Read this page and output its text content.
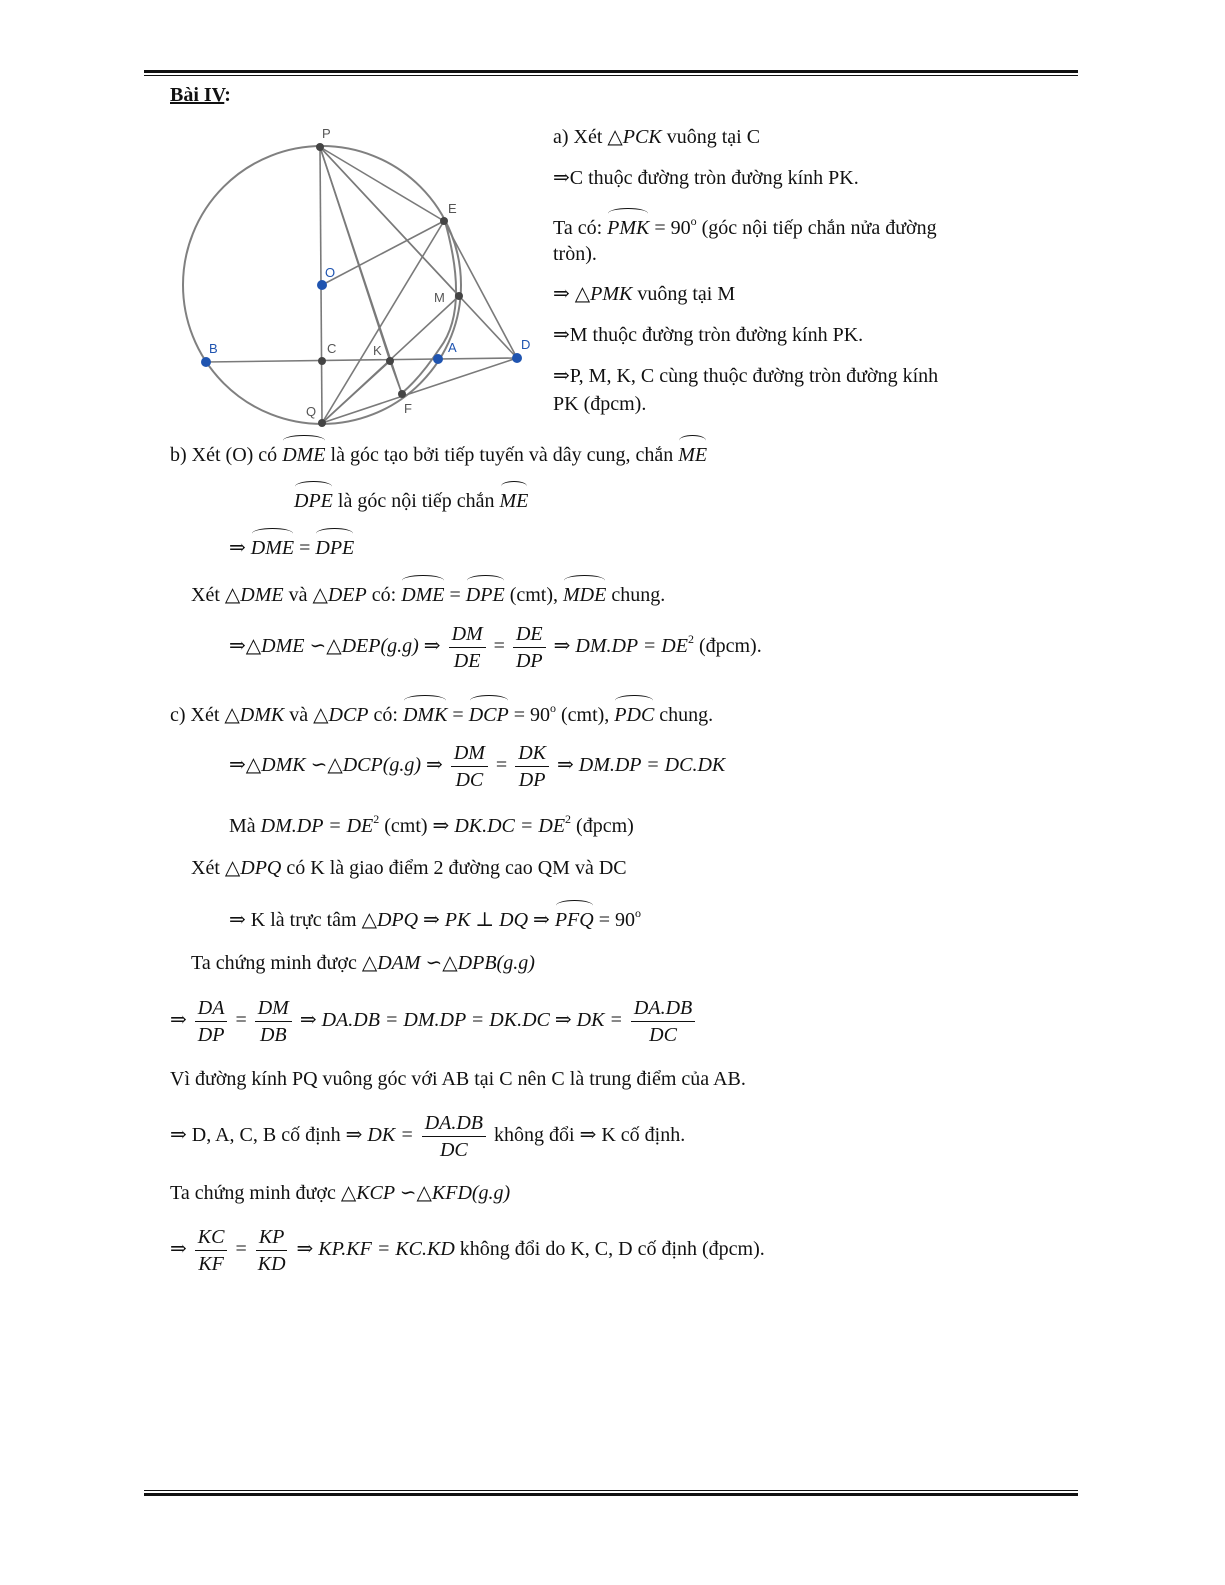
Bài IV:
P
E
M
C	K
Q	F
O
B	A	D
a) Xét △PCK vuông tại C
⇒C thuộc đường tròn đường kính PK.
Ta có: PMK = $90^o$ (góc nội tiếp chắn nửa đường
tròn).
⇒ △PMK vuông tại M
⇒M thuộc đường tròn đường kính PK.
⇒P, M, K, C cùng thuộc đường tròn đường kính
PK (đpcm).
b) Xét (O) có DME là góc tạo bởi tiếp tuyến và dây cung, chắn ME
DPE là góc nội tiếp chắn ME
⇒ DME = DPE
Xét △DME và △DEP có: DME = DPE (cmt), MDE chung.
⇒△DME ∽△DEP(g.g) ⇒ $\frac{DM}{DE} = \frac{DE}{DP}$ ⇒ $DM.DP = DE^2$ (đpcm).
c) Xét △DMK và △DCP có: DMK = DCP = $90^o$ (cmt), PDC chung.
⇒△DMK ∽△DCP(g.g) ⇒ $\frac{DM}{DC} = \frac{DK}{DP}$ ⇒ DM.DP = DC.DK
Mà $DM.DP = DE^2$ (cmt) ⇒ $DK.DC = DE^2$ (đpcm)
Xét △DPQ có K là giao điểm 2 đường cao QM và DC
⇒ K là trực tâm △DPQ ⇒ PK ⊥ DQ ⇒ PFQ = $90^o$
Ta chứng minh được △DAM ∽△DPB(g.g)
⇒ $\frac{DA}{DP} = \frac{DM}{DB}$ ⇒ DA.DB = DM.DP = DK.DC ⇒ DK = $\frac{DA.DB}{DC}$
Vì đường kính PQ vuông góc với AB tại C nên C là trung điểm của AB.
⇒ D, A, C, B cố định ⇒ DK = $\frac{DA.DB}{DC}$ không đổi ⇒ K cố định.
Ta chứng minh được △KCP ∽△KFD(g.g)
⇒ $\frac{KC}{KF} = \frac{KP}{KD}$ ⇒ KP.KF = KC.KD không đổi do K, C, D cố định (đpcm).
